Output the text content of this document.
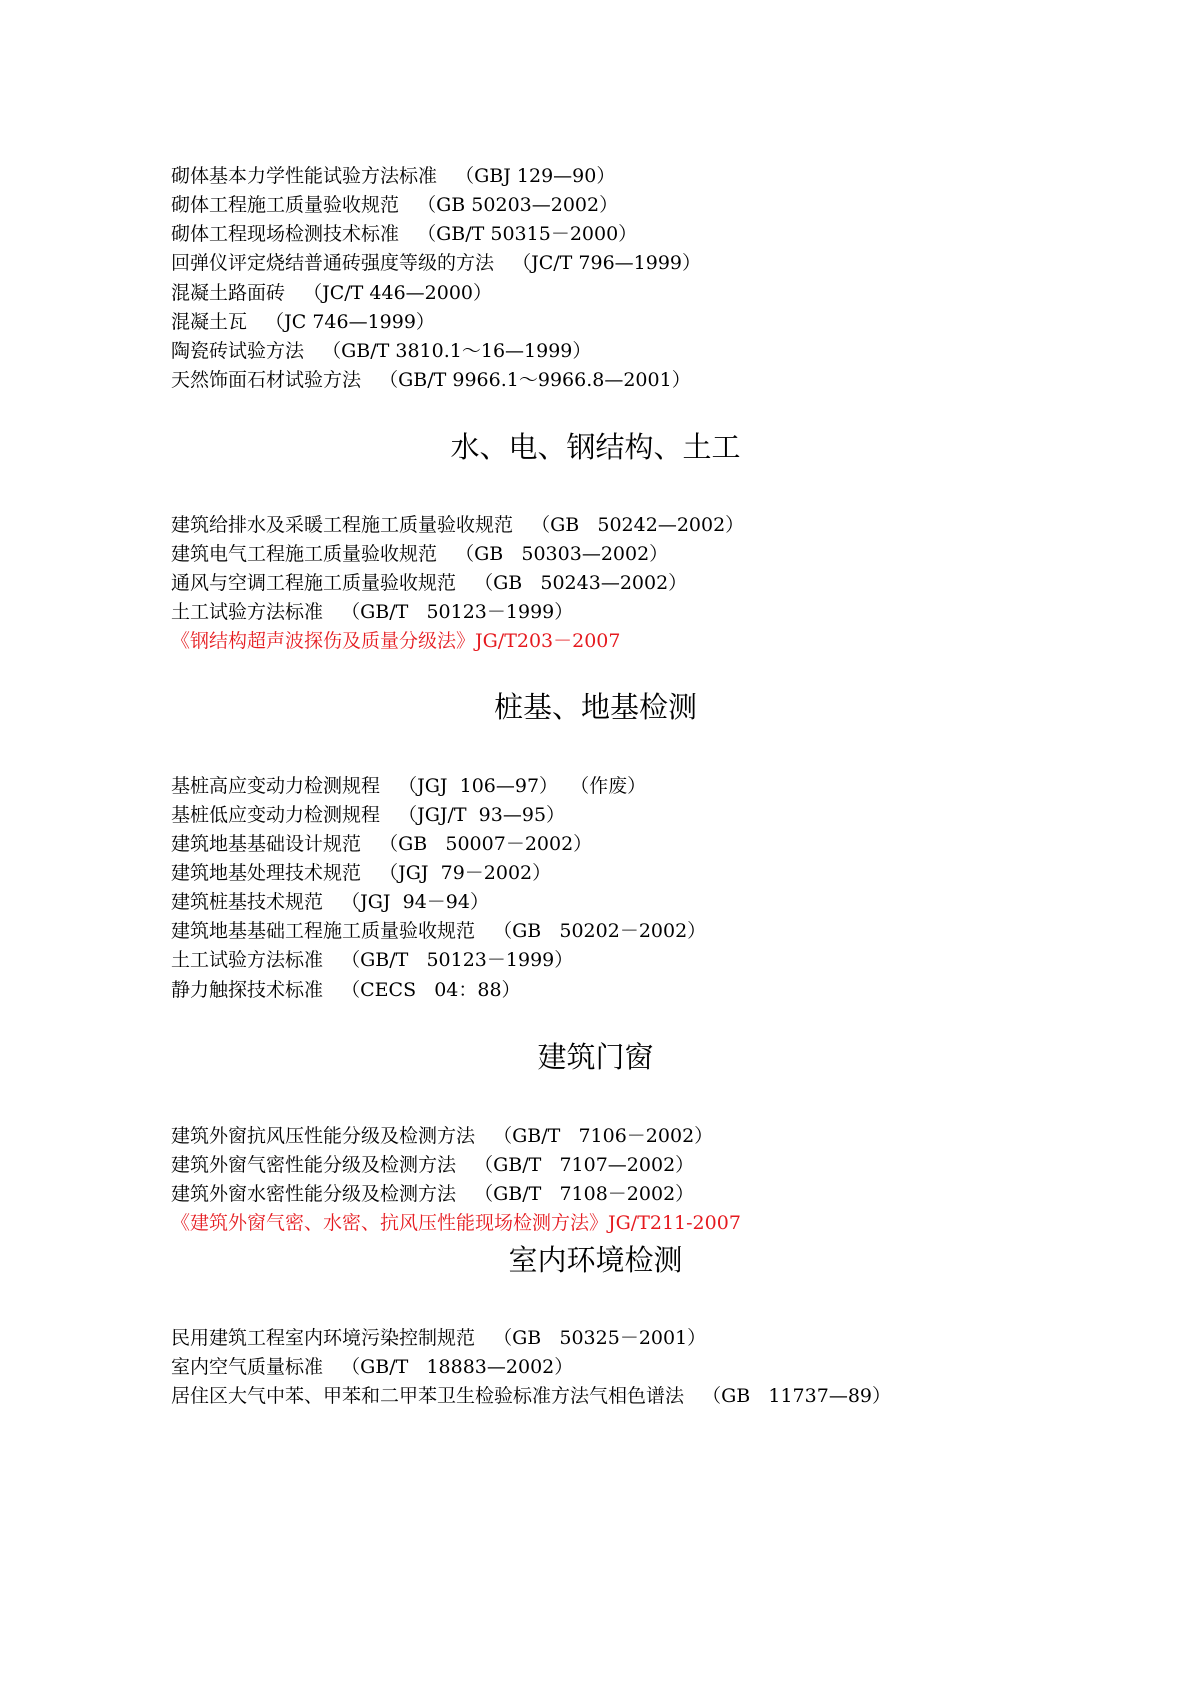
砌体基本力学性能试验方法标准   （GBJ 129—90）
砌体工程施工质量验收规范   （GB 50203—2002）
砌体工程现场检测技术标准   （GB/T 50315－2000）
回弹仪评定烧结普通砖强度等级的方法   （JC/T 796—1999）
混凝土路面砖   （JC/T 446—2000）
混凝土瓦   （JC 746—1999）
陶瓷砖试验方法   （GB/T 3810.1～16—1999）
天然饰面石材试验方法   （GB/T 9966.1～9966.8—2001）
水、电、钢结构、土工
建筑给排水及采暖工程施工质量验收规范   （GB   50242—2002）
建筑电气工程施工质量验收规范   （GB   50303—2002）
通风与空调工程施工质量验收规范   （GB   50243—2002）
土工试验方法标准   （GB/T   50123－1999）
《钢结构超声波探伤及质量分级法》JG/T203－2007
桩基、地基检测
基桩高应变动力检测规程   （JGJ  106—97）  （作废）
基桩低应变动力检测规程   （JGJ/T  93—95）
建筑地基基础设计规范   （GB   50007－2002）
建筑地基处理技术规范   （JGJ  79－2002）
建筑桩基技术规范   （JGJ  94－94）
建筑地基基础工程施工质量验收规范   （GB   50202－2002）
土工试验方法标准   （GB/T   50123－1999）
静力触探技术标准   （CECS   04：88）
建筑门窗
建筑外窗抗风压性能分级及检测方法   （GB/T   7106－2002）
建筑外窗气密性能分级及检测方法   （GB/T   7107—2002）
建筑外窗水密性能分级及检测方法   （GB/T   7108－2002）
《建筑外窗气密、水密、抗风压性能现场检测方法》JG/T211-2007
室内环境检测
民用建筑工程室内环境污染控制规范   （GB   50325－2001）
室内空气质量标准   （GB/T   18883—2002）
居住区大气中苯、甲苯和二甲苯卫生检验标准方法气相色谱法   （GB   11737—89）
